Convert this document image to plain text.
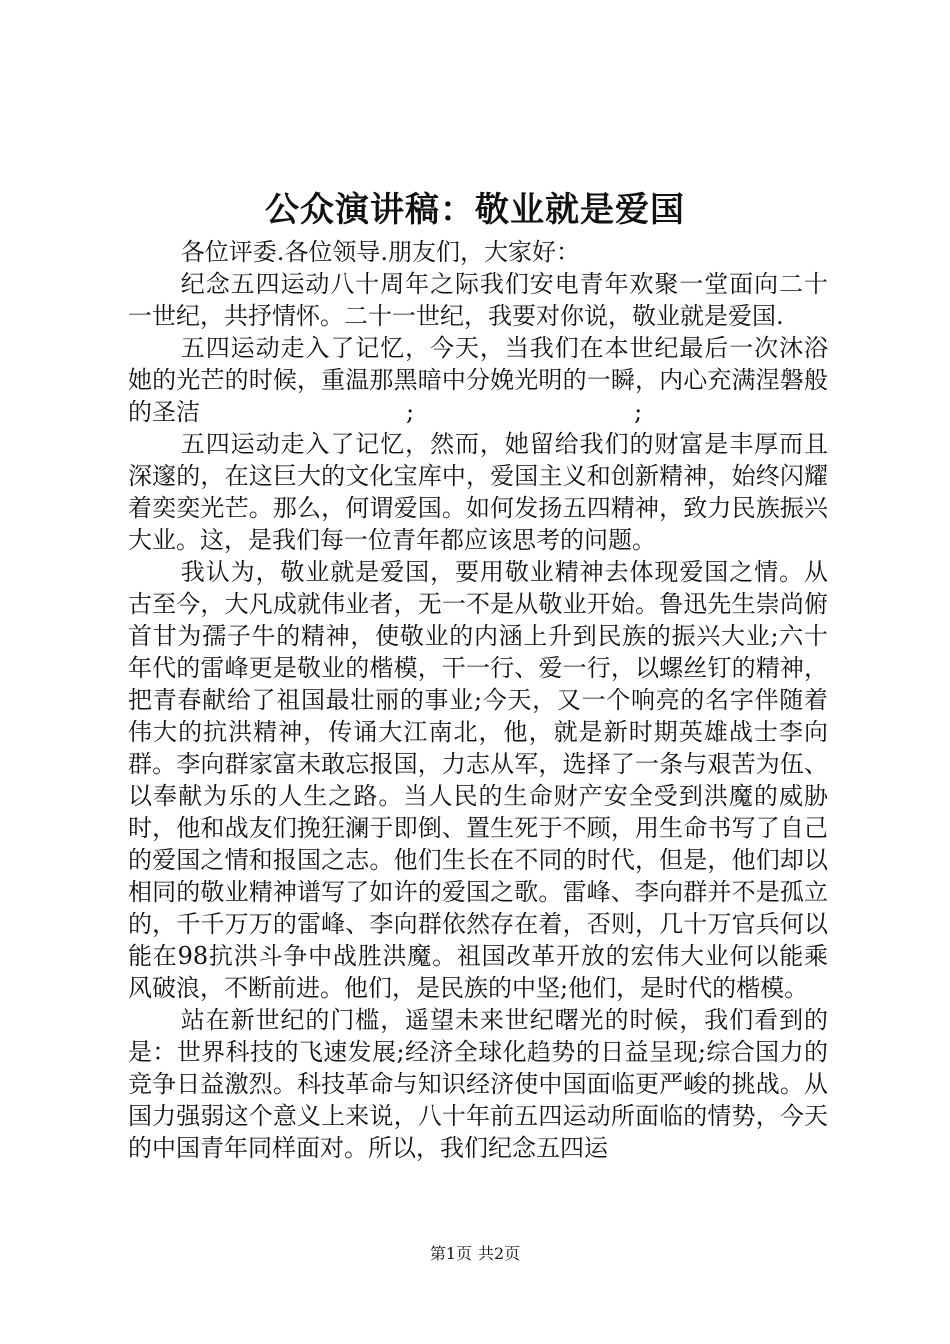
公众演讲稿：敬业就是爱国

各位评委.各位领导.朋友们，大家好：

纪念五四运动八十周年之际我们安电青年欢聚一堂面向二十一世纪，共抒情怀。二十一世纪，我要对你说，敬业就是爱国.

五四运动走入了记忆，今天，当我们在本世纪最后一次沐浴她的光芒的时候，重温那黑暗中分娩光明的一瞬，内心充满涅磐般的圣洁	;	;

五四运动走入了记忆，然而，她留给我们的财富是丰厚而且深邃的，在这巨大的文化宝库中，爱国主义和创新精神，始终闪耀着奕奕光芒。那么，何谓爱国。如何发扬五四精神，致力民族振兴大业。这，是我们每一位青年都应该思考的问题。

我认为，敬业就是爱国，要用敬业精神去体现爱国之情。从古至今，大凡成就伟业者，无一不是从敬业开始。鲁迅先生崇尚俯首甘为孺子牛的精神，使敬业的内涵上升到民族的振兴大业;六十年代的雷峰更是敬业的楷模，干一行、爱一行，以螺丝钉的精神，把青春献给了祖国最壮丽的事业;今天，又一个响亮的名字伴随着伟大的抗洪精神，传诵大江南北，他，就是新时期英雄战士李向群。李向群家富未敢忘报国，力志从军，选择了一条与艰苦为伍、以奉献为乐的人生之路。当人民的生命财产安全受到洪魔的威胁时，他和战友们挽狂澜于即倒、置生死于不顾，用生命书写了自己的爱国之情和报国之志。他们生长在不同的时代，但是，他们却以相同的敬业精神谱写了如许的爱国之歌。雷峰、李向群并不是孤立的，千千万万的雷峰、李向群依然存在着，否则，几十万官兵何以能在98抗洪斗争中战胜洪魔。祖国改革开放的宏伟大业何以能乘风破浪，不断前进。他们，是民族的中坚;他们，是时代的楷模。

站在新世纪的门槛，遥望未来世纪曙光的时候，我们看到的是：世界科技的飞速发展;经济全球化趋势的日益呈现;综合国力的竞争日益激烈。科技革命与知识经济使中国面临更严峻的挑战。从国力强弱这个意义上来说，八十年前五四运动所面临的情势，今天的中国青年同样面对。所以，我们纪念五四运

第1页 共2页
